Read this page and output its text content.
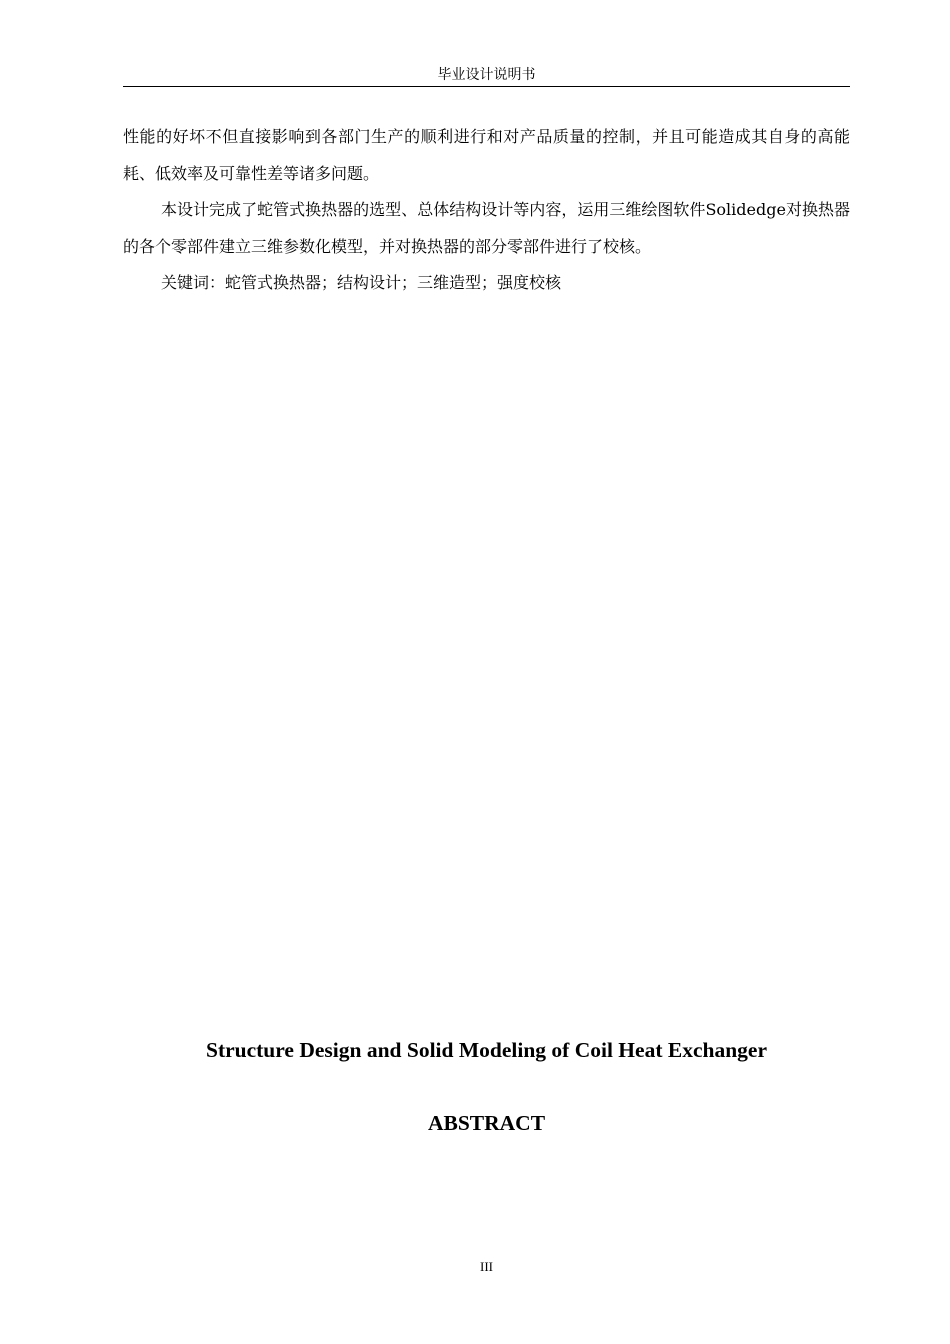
毕业设计说明书

性能的好坏不但直接影响到各部门生产的顺利进行和对产品质量的控制，并且可能造成其自身的高能耗、低效率及可靠性差等诸多问题。

本设计完成了蛇管式换热器的选型、总体结构设计等内容，运用三维绘图软件Solidedge对换热器的各个零部件建立三维参数化模型，并对换热器的部分零部件进行了校核。

关键词：蛇管式换热器；结构设计；三维造型；强度校核

Structure Design and Solid Modeling of Coil Heat Exchanger
ABSTRACT
III
